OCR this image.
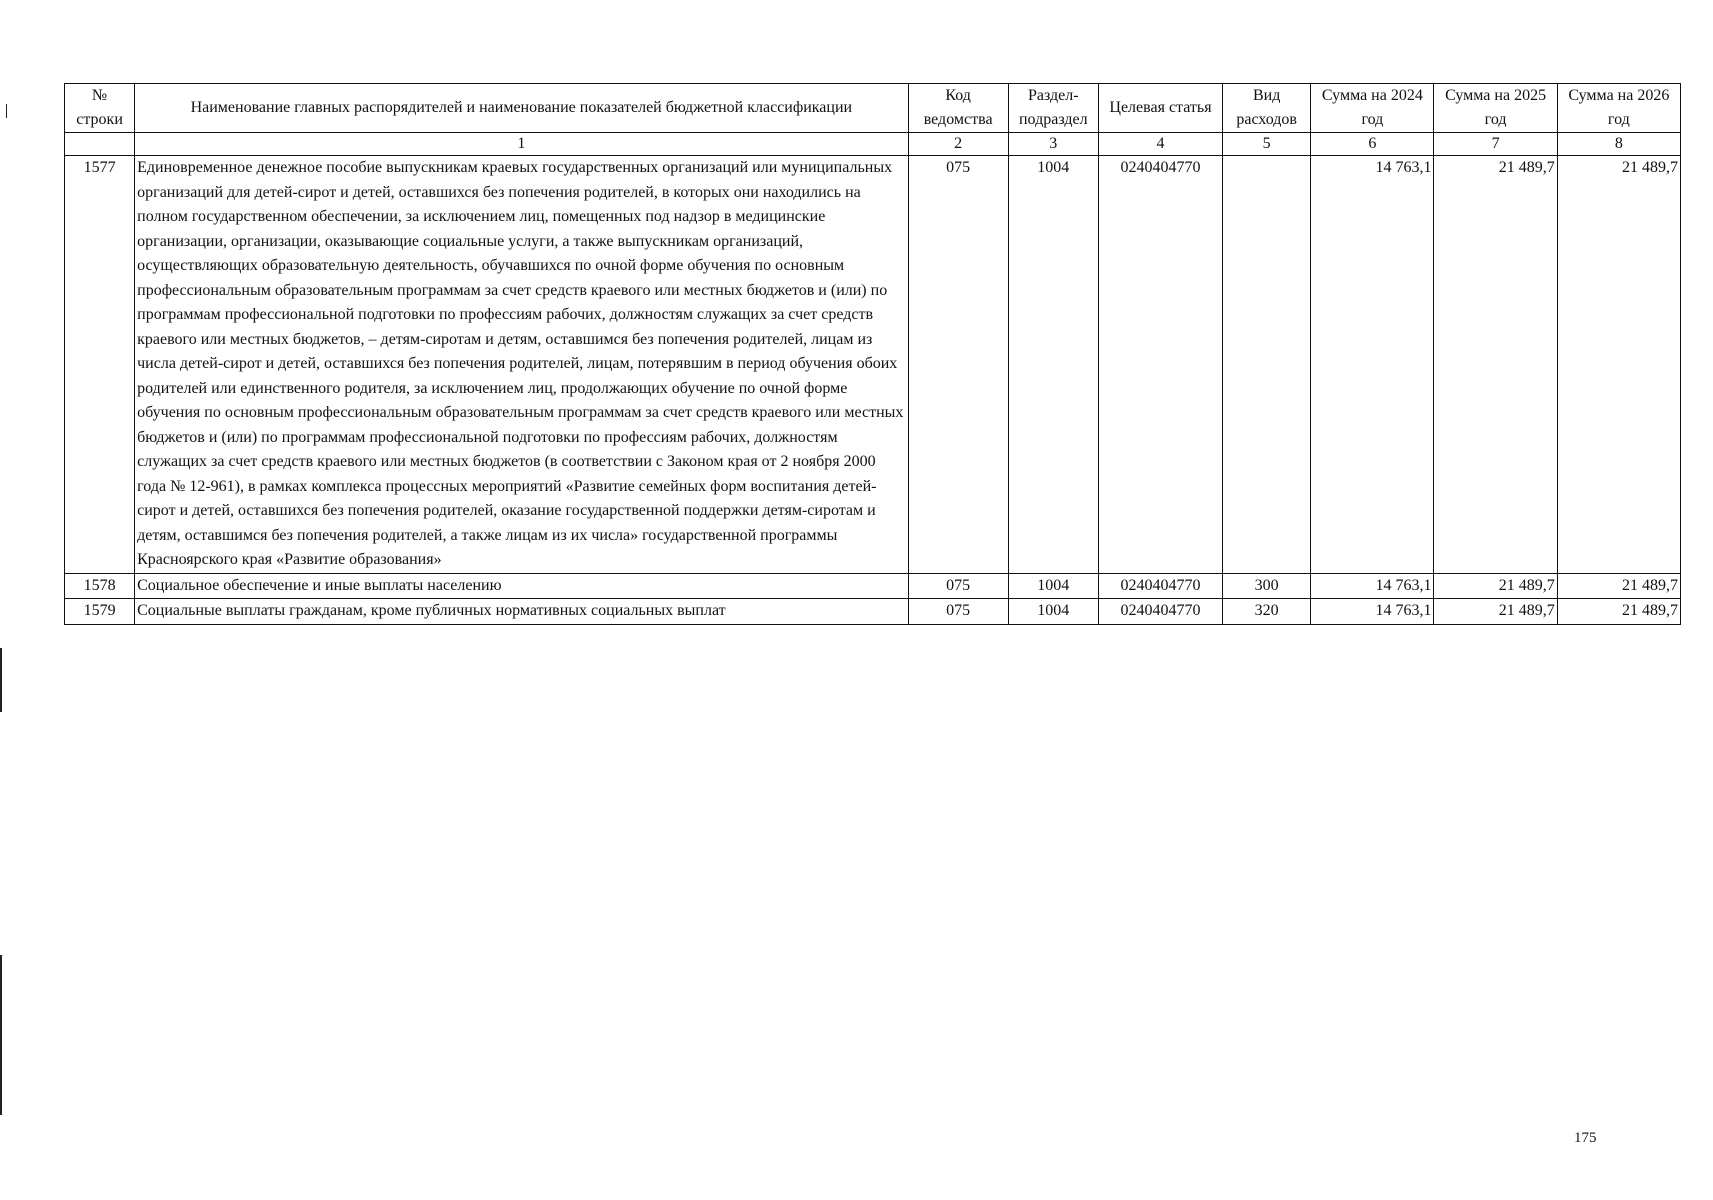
№ строки	Наименование главных распорядителей и наименование показателей бюджетной классификации	Код ведомства	Раздел-подраздел	Целевая статья	Вид расходов	Сумма на 2024 год	Сумма на 2025 год	Сумма на 2026 год
	1	2	3	4	5	6	7	8
1577	Единовременное денежное пособие выпускникам краевых государственных организаций или муниципальных организаций для детей-сирот и детей, оставшихся без попечения родителей, в которых они находились на полном государственном обеспечении, за исключением лиц, помещенных под надзор в медицинские организации, организации, оказывающие социальные услуги, а также выпускникам организаций, осуществляющих образовательную деятельность, обучавшихся по очной форме обучения по основным профессиональным образовательным программам за счет средств краевого или местных бюджетов и (или) по программам профессиональной подготовки по профессиям рабочих, должностям служащих за счет средств краевого или местных бюджетов, – детям-сиротам и детям, оставшимся без попечения родителей, лицам из числа детей-сирот и детей, оставшихся без попечения родителей, лицам, потерявшим в период обучения обоих родителей или единственного родителя, за исключением лиц, продолжающих обучение по очной форме обучения по основным профессиональным образовательным программам за счет средств краевого или местных бюджетов и (или) по программам профессиональной подготовки по профессиям рабочих, должностям служащих за счет средств краевого или местных бюджетов (в соответствии с Законом края от 2 ноября 2000 года № 12-961), в рамках комплекса процессных мероприятий «Развитие семейных форм воспитания детей-сирот и детей, оставшихся без попечения родителей, оказание государственной поддержки детям-сиротам и детям, оставшимся без попечения родителей, а также лицам из их числа» государственной программы Красноярского края «Развитие образования»	075	1004	0240404770		14 763,1	21 489,7	21 489,7
1578	Социальное обеспечение и иные выплаты населению	075	1004	0240404770	300	14 763,1	21 489,7	21 489,7
1579	Социальные выплаты гражданам, кроме публичных нормативных социальных выплат	075	1004	0240404770	320	14 763,1	21 489,7	21 489,7
175
